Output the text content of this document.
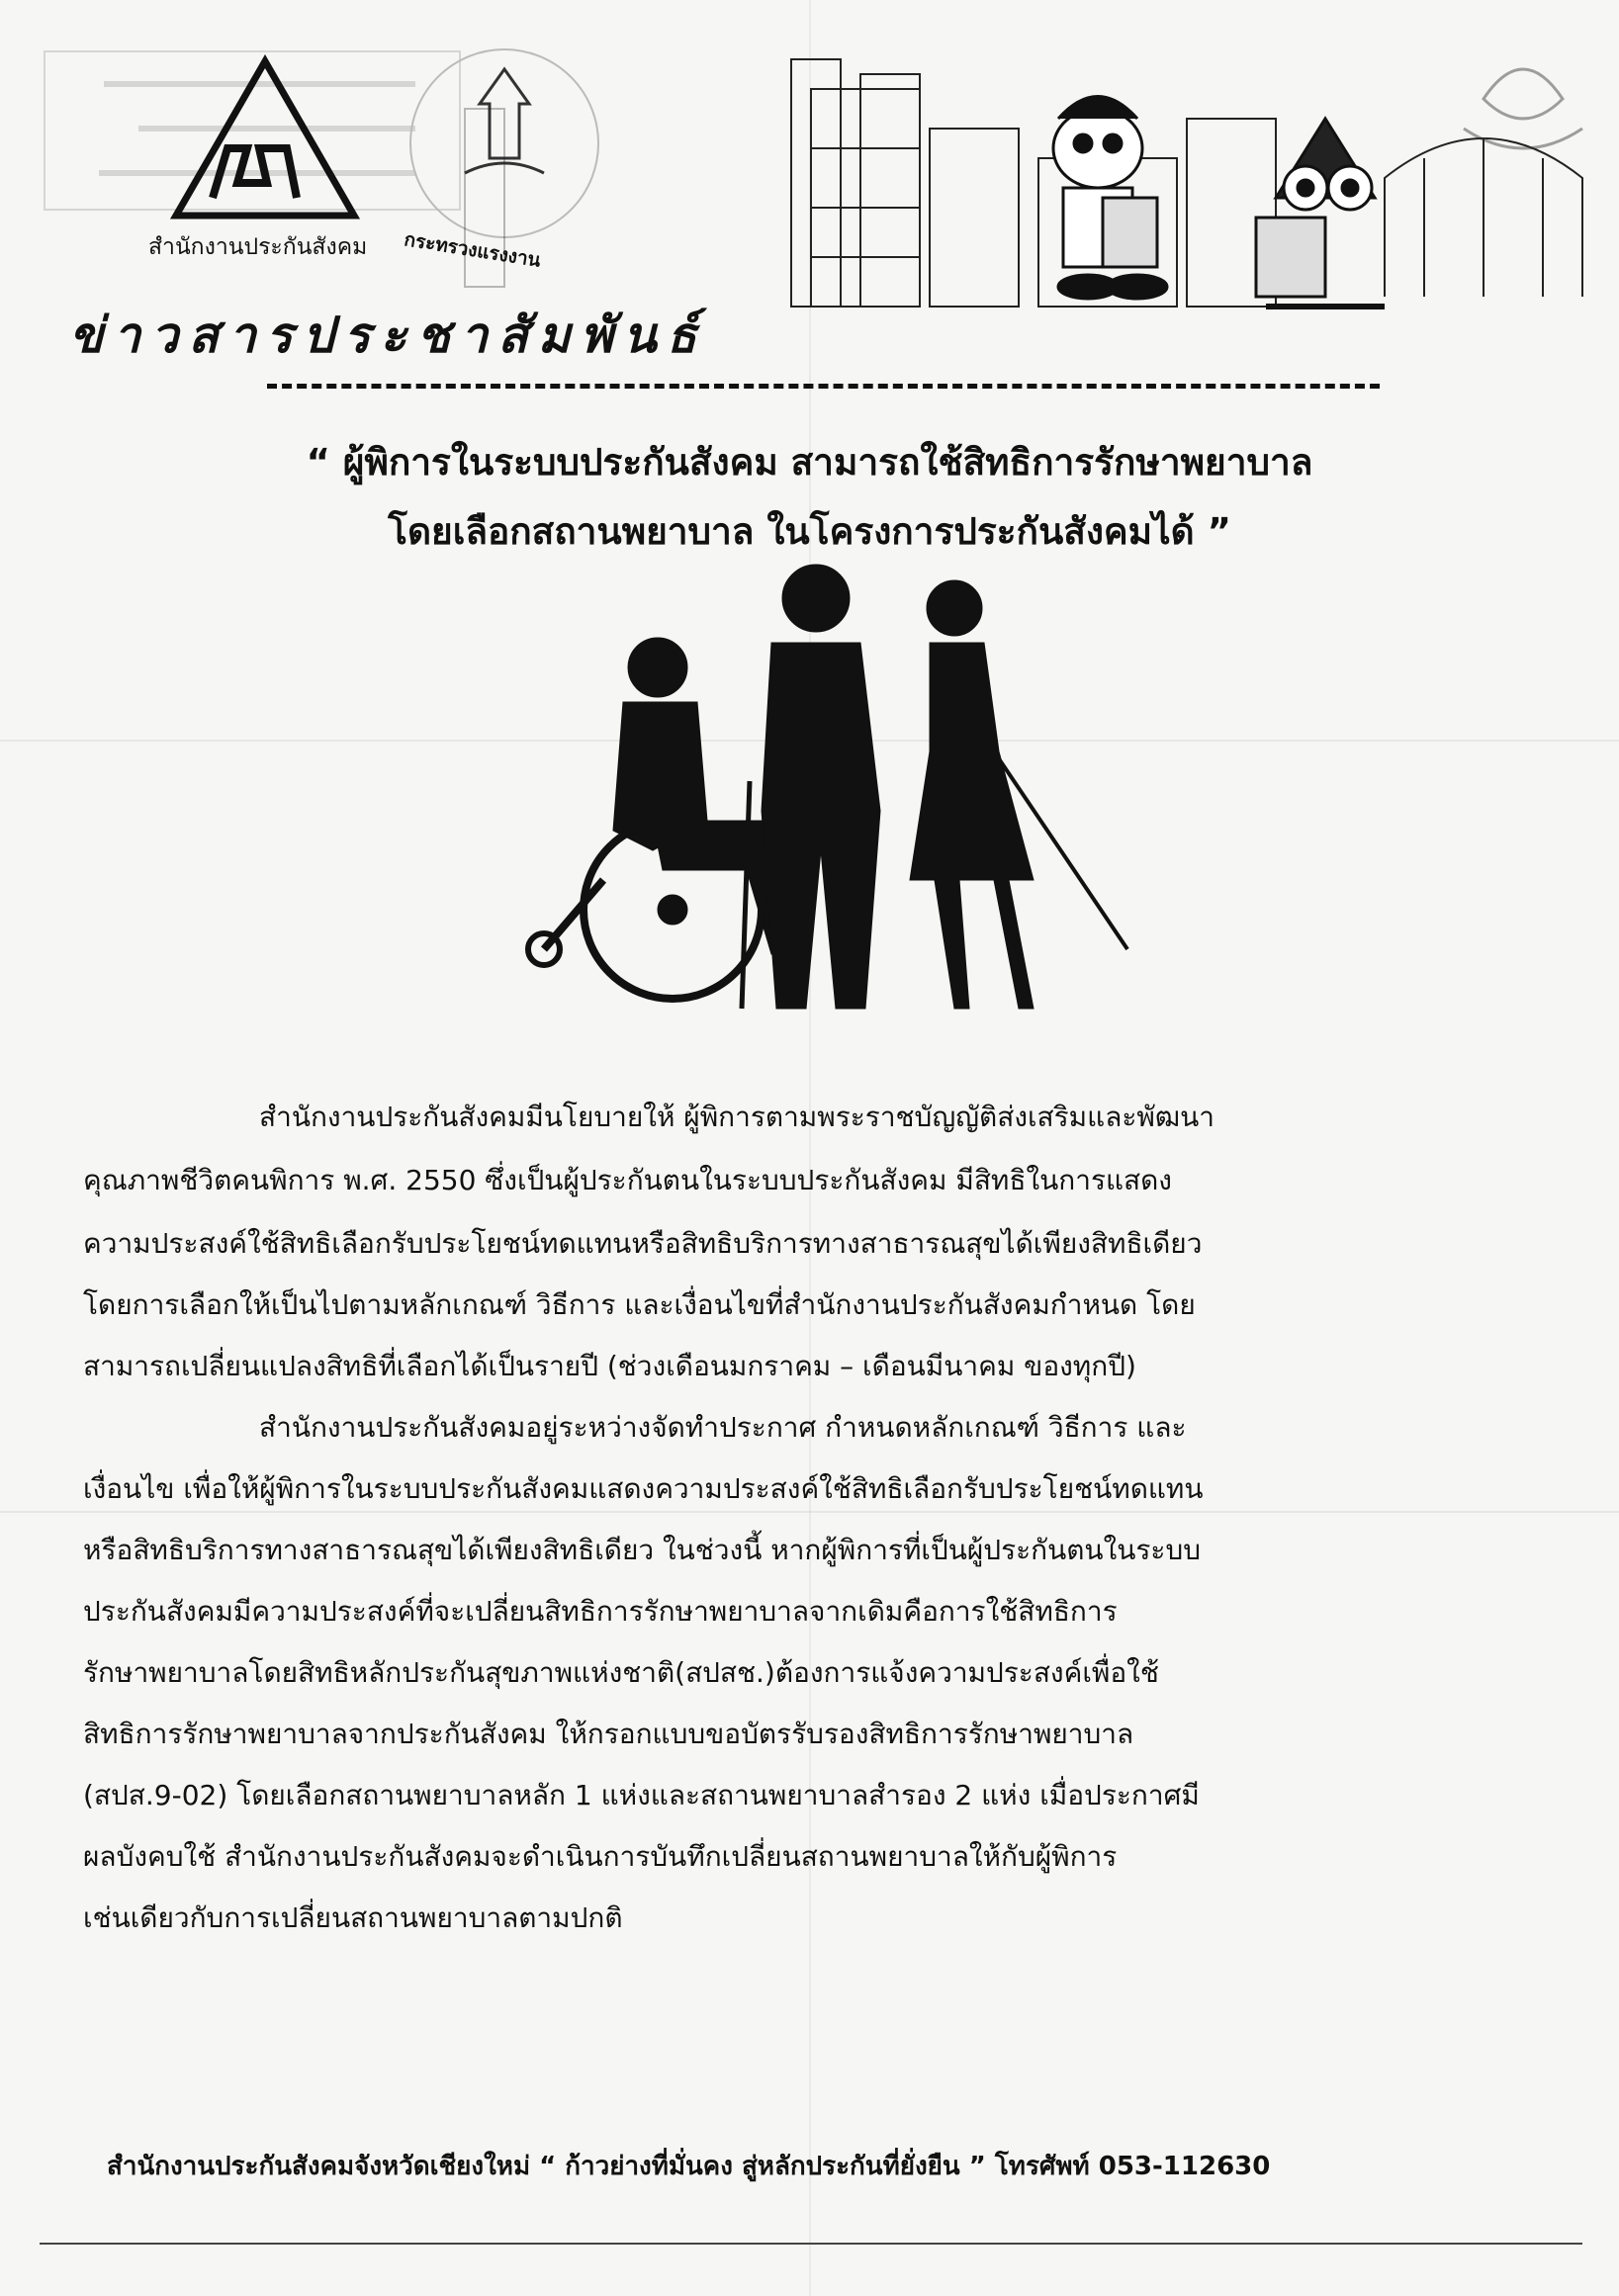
สำนักงานประกันสังคม กระทรวงแรงงาน
ข่าวสารประชาสัมพันธ์
“ ผู้พิการในระบบประกันสังคม สามารถใช้สิทธิการรักษาพยาบาล
โดยเลือกสถานพยาบาล ในโครงการประกันสังคมได้ ”
สำนักงานประกันสังคมมีนโยบายให้ ผู้พิการตามพระราชบัญญัติส่งเสริมและพัฒนา
คุณภาพชีวิตคนพิการ พ.ศ. 2550 ซึ่งเป็นผู้ประกันตนในระบบประกันสังคม มีสิทธิในการแสดง
ความประสงค์ใช้สิทธิเลือกรับประโยชน์ทดแทนหรือสิทธิบริการทางสาธารณสุขได้เพียงสิทธิเดียว
โดยการเลือกให้เป็นไปตามหลักเกณฑ์ วิธีการ และเงื่อนไขที่สำนักงานประกันสังคมกำหนด โดย
สามารถเปลี่ยนแปลงสิทธิที่เลือกได้เป็นรายปี (ช่วงเดือนมกราคม – เดือนมีนาคม ของทุกปี)
สำนักงานประกันสังคมอยู่ระหว่างจัดทำประกาศ กำหนดหลักเกณฑ์ วิธีการ และ
เงื่อนไข เพื่อให้ผู้พิการในระบบประกันสังคมแสดงความประสงค์ใช้สิทธิเลือกรับประโยชน์ทดแทน
หรือสิทธิบริการทางสาธารณสุขได้เพียงสิทธิเดียว ในช่วงนี้ หากผู้พิการที่เป็นผู้ประกันตนในระบบ
ประกันสังคมมีความประสงค์ที่จะเปลี่ยนสิทธิการรักษาพยาบาลจากเดิมคือการใช้สิทธิการ
รักษาพยาบาลโดยสิทธิหลักประกันสุขภาพแห่งชาติ(สปสช.)ต้องการแจ้งความประสงค์เพื่อใช้
สิทธิการรักษาพยาบาลจากประกันสังคม ให้กรอกแบบขอบัตรรับรองสิทธิการรักษาพยาบาล
(สปส.9-02) โดยเลือกสถานพยาบาลหลัก 1 แห่งและสถานพยาบาลสำรอง 2 แห่ง เมื่อประกาศมี
ผลบังคบใช้ สำนักงานประกันสังคมจะดำเนินการบันทึกเปลี่ยนสถานพยาบาลให้กับผู้พิการ
เช่นเดียวกับการเปลี่ยนสถานพยาบาลตามปกติ
สำนักงานประกันสังคมจังหวัดเชียงใหม่ “ ก้าวย่างที่มั่นคง สู่หลักประกันที่ยั่งยืน ” โทรศัพท์ 053-112630
